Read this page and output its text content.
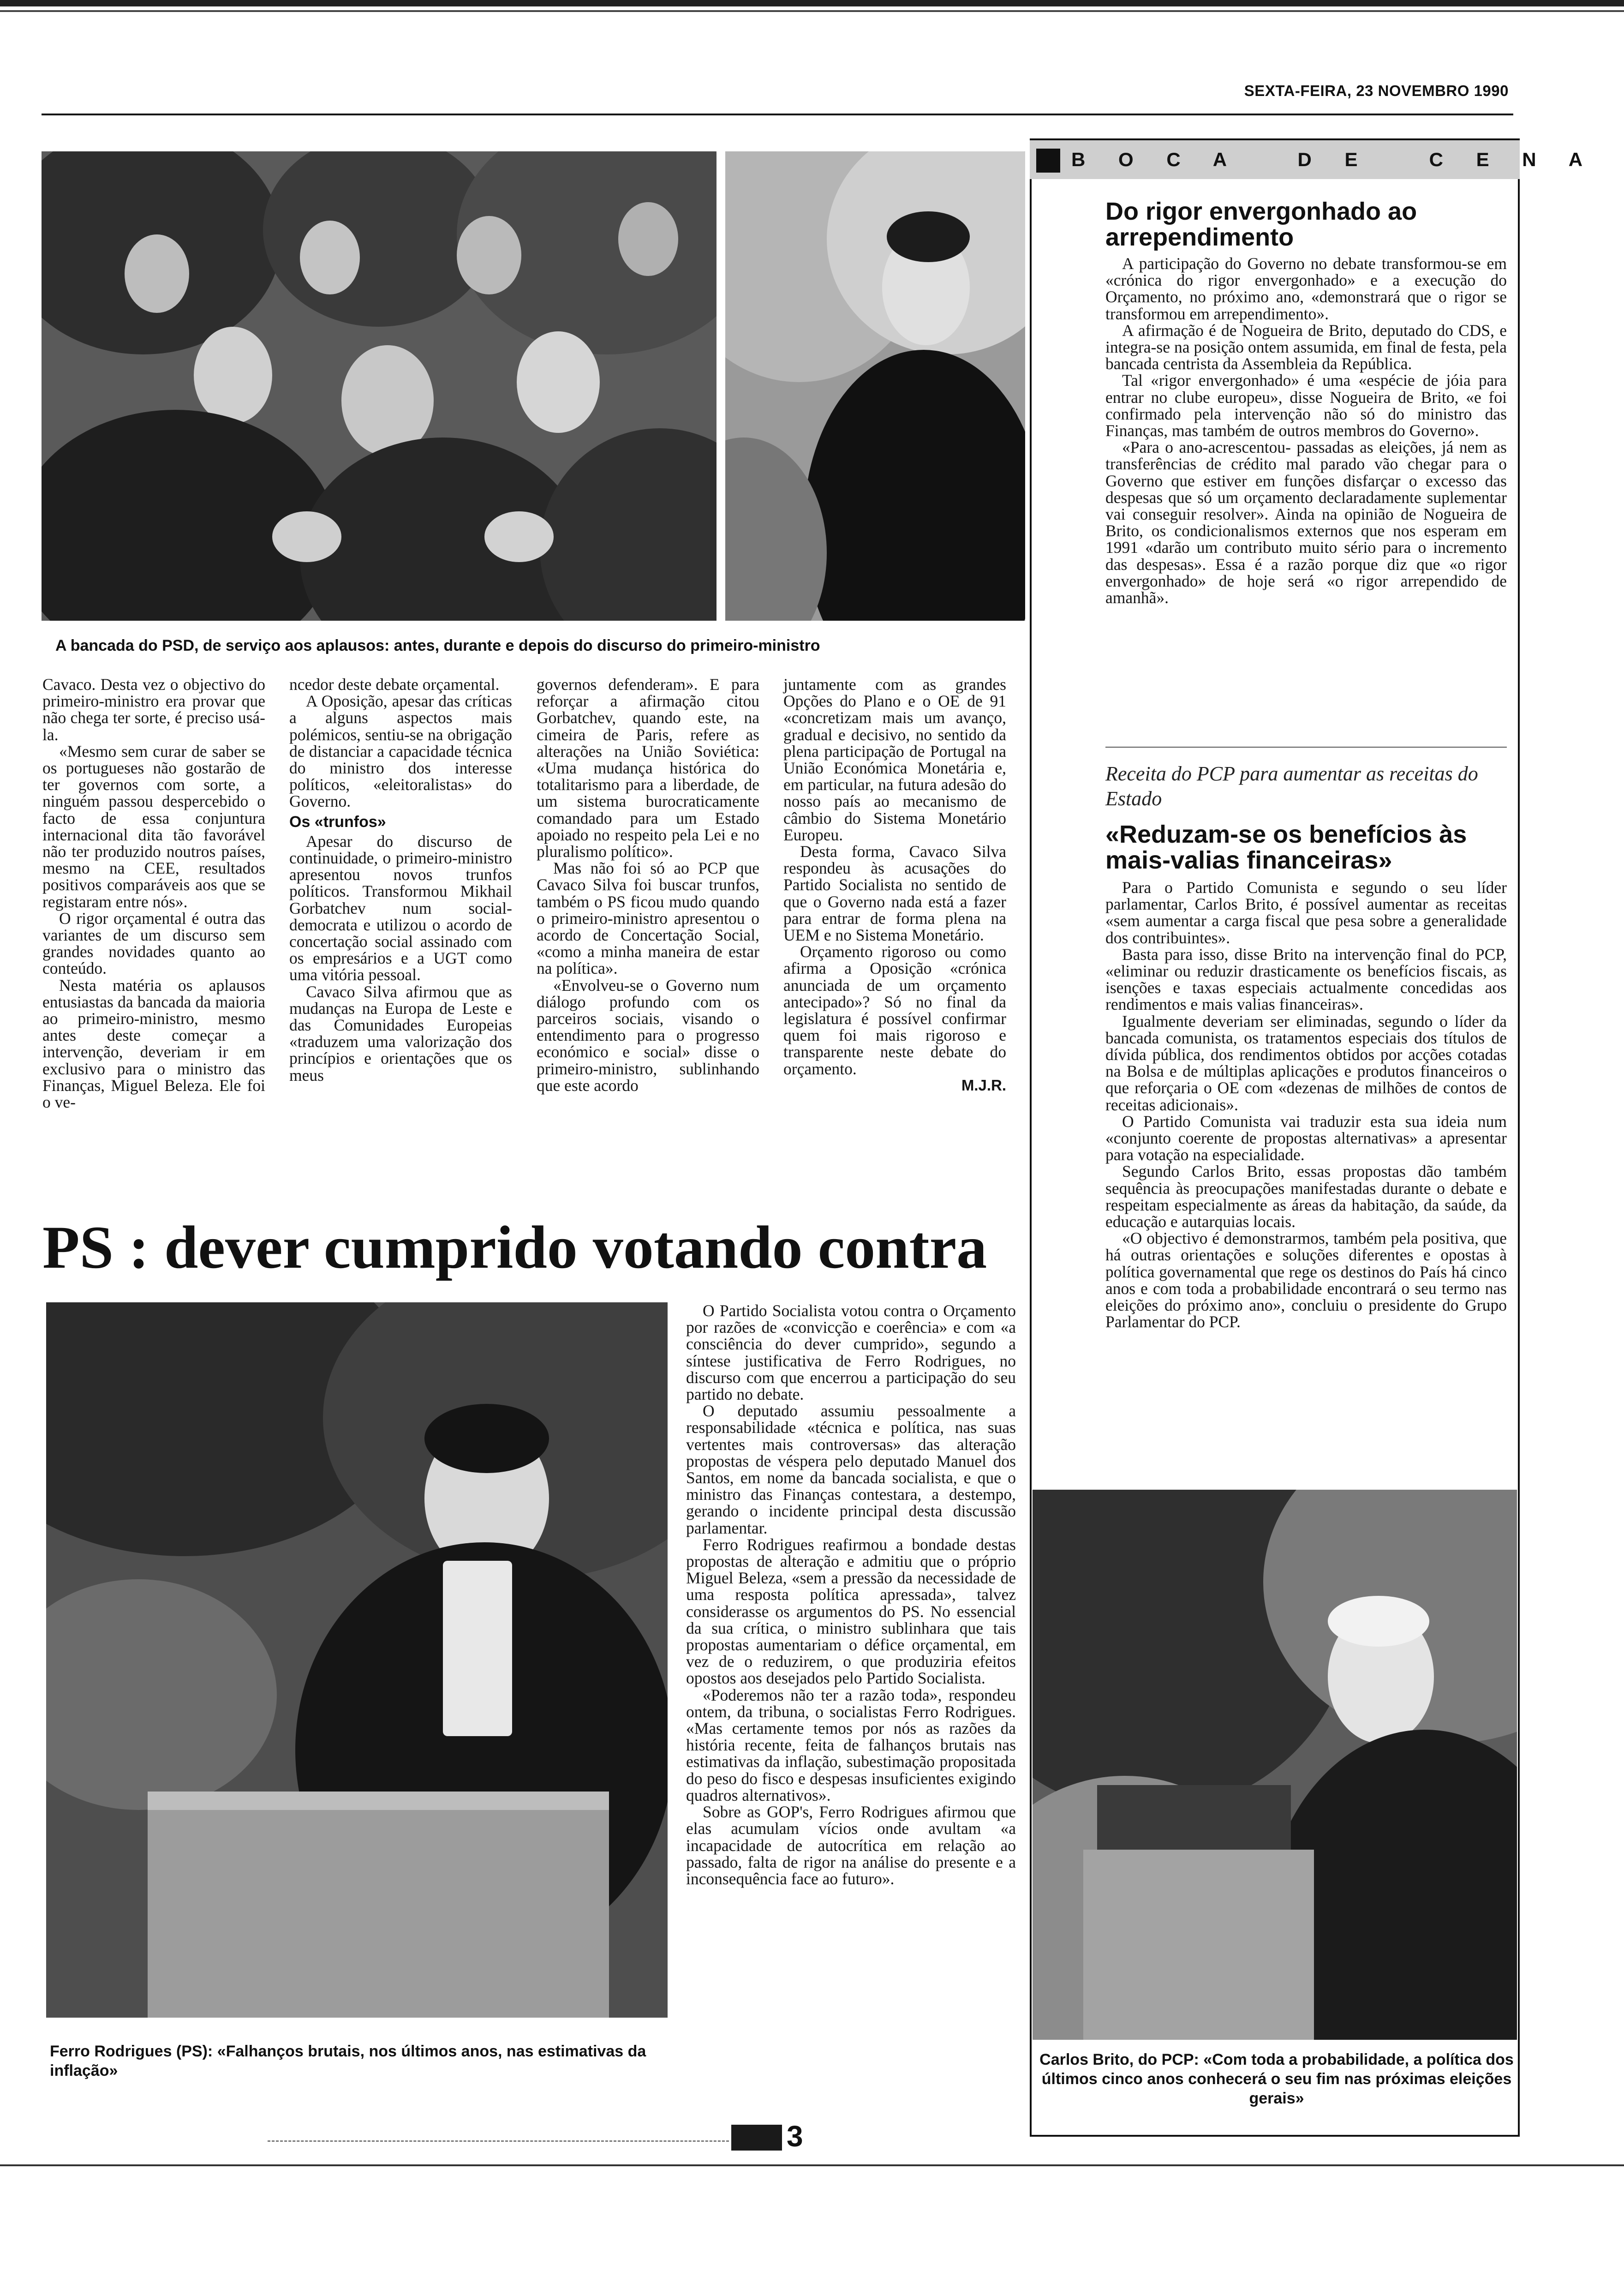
SEXTA-FEIRA, 23 NOVEMBRO 1990
A bancada do PSD, de serviço aos aplausos: antes, durante e depois do discurso do primeiro-ministro

Cavaco. Desta vez o objectivo do primeiro-ministro era provar que não chega ter sorte, é preciso usá-la.

«Mesmo sem curar de saber se os portugueses não gostarão de ter governos com sorte, a ninguém passou despercebido o facto de essa conjuntura internacional dita tão favorável não ter produzido noutros países, mesmo na CEE, resultados positivos comparáveis aos que se registaram entre nós».

O rigor orçamental é outra das variantes de um discurso sem grandes novidades quanto ao conteúdo.

Nesta matéria os aplausos entusiastas da bancada da maioria ao primeiro-ministro, mesmo antes deste começar a intervenção, deveriam ir em exclusivo para o ministro das Finanças, Miguel Beleza. Ele foi o ve-

ncedor deste debate orçamental.

A Oposição, apesar das críticas a alguns aspectos mais polémicos, sentiu-se na obrigação de distanciar a capacidade técnica do ministro dos interesse políticos, «eleitoralistas» do Governo.

Os «trunfos»

Apesar do discurso de continuidade, o primeiro-ministro apresentou novos trunfos políticos. Transformou Mikhail Gorbatchev num social-democrata e utilizou o acordo de concertação social assinado com os empresários e a UGT como uma vitória pessoal.

Cavaco Silva afirmou que as mudanças na Europa de Leste e das Comunidades Europeias «traduzem uma valorização dos princípios e orientações que os meus

governos defenderam». E para reforçar a afirmação citou Gorbatchev, quando este, na cimeira de Paris, refere as alterações na União Soviética: «Uma mudança histórica do totalitarismo para a liberdade, de um sistema burocraticamente comandado para um Estado apoiado no respeito pela Lei e no pluralismo político».

Mas não foi só ao PCP que Cavaco Silva foi buscar trunfos, também o PS ficou mudo quando o primeiro-ministro apresentou o acordo de Concertação Social, «como a minha maneira de estar na política».

«Envolveu-se o Governo num diálogo profundo com os parceiros sociais, visando o entendimento para o progresso económico e social» disse o primeiro-ministro, sublinhando que este acordo

juntamente com as grandes Opções do Plano e o OE de 91 «concretizam mais um avanço, gradual e decisivo, no sentido da plena participação de Portugal na União Económica Monetária e, em particular, na futura adesão do nosso país ao mecanismo de câmbio do Sistema Monetário Europeu.

Desta forma, Cavaco Silva respondeu às acusações do Partido Socialista no sentido de que o Governo nada está a fazer para entrar de forma plena na UEM e no Sistema Monetário.

Orçamento rigoroso ou como afirma a Oposição «crónica anunciada de um orçamento antecipado»? Só no final da legislatura é possível confirmar quem foi mais rigoroso e transparente neste debate do orçamento.

M.J.R.

PS : dever cumprido votando contra
Ferro Rodrigues (PS): «Falhanços brutais, nos últimos anos, nas estimativas da inflação»

O Partido Socialista votou contra o Orçamento por razões de «convicção e coerência» e com «a consciência do dever cumprido», segundo a síntese justificativa de Ferro Rodrigues, no discurso com que encerrou a participação do seu partido no debate.

O deputado assumiu pessoalmente a responsabilidade «técnica e política, nas suas vertentes mais controversas» das alteração propostas de véspera pelo deputado Manuel dos Santos, em nome da bancada socialista, e que o ministro das Finanças contestara, a destempo, gerando o incidente principal desta discussão parlamentar.

Ferro Rodrigues reafirmou a bondade destas propostas de alteração e admitiu que o próprio Miguel Beleza, «sem a pressão da necessidade de uma resposta política apressada», talvez considerasse os argumentos do PS. No essencial da sua crítica, o ministro sublinhara que tais propostas aumentariam o défice orçamental, em vez de o reduzirem, o que produziria efeitos opostos aos desejados pelo Partido Socialista.

«Poderemos não ter a razão toda», respondeu ontem, da tribuna, o socialistas Ferro Rodrigues. «Mas certamente temos por nós as razões da história recente, feita de falhanços brutais nas estimativas da inflação, subestimação propositada do peso do fisco e despesas insuficientes exigindo quadros alternativos».

Sobre as GOP's, Ferro Rodrigues afirmou que elas acumulam vícios onde avultam «a incapacidade de autocrítica em relação ao passado, falta de rigor na análise do presente e a inconsequência face ao futuro».

B O C A   D E   C E N A
Do rigor envergonhado ao arrependimento

A participação do Governo no debate transformou-se em «crónica do rigor envergonhado» e a execução do Orçamento, no próximo ano, «demonstrará que o rigor se transformou em arrependimento».

A afirmação é de Nogueira de Brito, deputado do CDS, e integra-se na posição ontem assumida, em final de festa, pela bancada centrista da Assembleia da República.

Tal «rigor envergonhado» é uma «espécie de jóia para entrar no clube europeu», disse Nogueira de Brito, «e foi confirmado pela intervenção não só do ministro das Finanças, mas também de outros membros do Governo».

«Para o ano-acrescentou- passadas as eleições, já nem as transferências de crédito mal parado vão chegar para o Governo que estiver em funções disfarçar o excesso das despesas que só um orçamento declaradamente suplementar vai conseguir resolver». Ainda na opinião de Nogueira de Brito, os condicionalismos externos que nos esperam em 1991 «darão um contributo muito sério para o incremento das despesas». Essa é a razão porque diz que «o rigor envergonhado» de hoje será «o rigor arrependido de amanhã».

Receita do PCP para aumentar as receitas do Estado
«Reduzam-se os benefícios às mais-valias financeiras»

Para o Partido Comunista e segundo o seu líder parlamentar, Carlos Brito, é possível aumentar as receitas «sem aumentar a carga fiscal que pesa sobre a generalidade dos contribuintes».

Basta para isso, disse Brito na intervenção final do PCP, «eliminar ou reduzir drasticamente os benefícios fiscais, as isenções e taxas especiais actualmente concedidas aos rendimentos e mais valias financeiras».

Igualmente deveriam ser eliminadas, segundo o líder da bancada comunista, os tratamentos especiais dos títulos de dívida pública, dos rendimentos obtidos por acções cotadas na Bolsa e de múltiplas aplicações e produtos financeiros o que reforçaria o OE com «dezenas de milhões de contos de receitas adicionais».

O Partido Comunista vai traduzir esta sua ideia num «conjunto coerente de propostas alternativas» a apresentar para votação na especialidade.

Segundo Carlos Brito, essas propostas dão também sequência às preocupações manifestadas durante o debate e respeitam especialmente as áreas da habitação, da saúde, da educação e autarquias locais.

«O objectivo é demonstrarmos, também pela positiva, que há outras orientações e soluções diferentes e opostas à política governamental que rege os destinos do País há cinco anos e com toda a probabilidade encontrará o seu termo nas eleições do próximo ano», concluiu o presidente do Grupo Parlamentar do PCP.

Carlos Brito, do PCP: «Com toda a probabilidade, a política dos últimos cinco anos conhecerá o seu fim nas próximas eleições gerais»
3
